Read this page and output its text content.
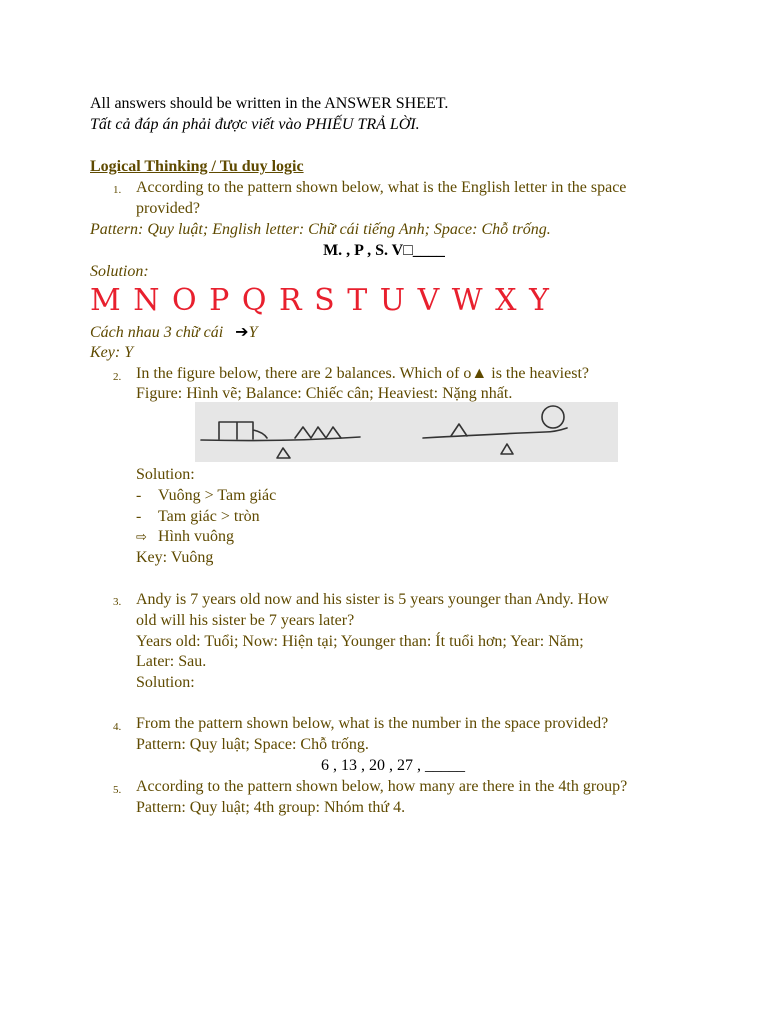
All answers should be written in the ANSWER SHEET.
Tất cả đáp án phải được viết vào PHIẾU TRẢ LỜI.
Logical Thinking / Tu duy logic
1. According to the pattern shown below, what is the English letter in the space
provided?
Pattern: Quy luật; English letter: Chữ cái tiếng Anh; Space: Chỗ trống.
M. , P , S. V□____
Solution:
M N O P Q R S T U V W X Y
Cách nhau 3 chữ cái ➔Y
Key: Y
2. In the figure below, there are 2 balances. Which of o▲ is the heaviest?
Figure: Hình vẽ; Balance: Chiếc cân; Heaviest: Nặng nhất.
Solution:
- Vuông > Tam giác
- Tam giác > tròn
⇨ Hình vuông
Key: Vuông
3. Andy is 7 years old now and his sister is 5 years younger than Andy. How
old will his sister be 7 years later?
Years old: Tuổi; Now: Hiện tại; Younger than: Ít tuổi hơn; Year: Năm;
Later: Sau.
Solution:
4. From the pattern shown below, what is the number in the space provided?
Pattern: Quy luật; Space: Chỗ trống.
6 , 13 , 20 , 27 , _____
5. According to the pattern shown below, how many are there in the 4th group?
Pattern: Quy luật; 4th group: Nhóm thứ 4.
